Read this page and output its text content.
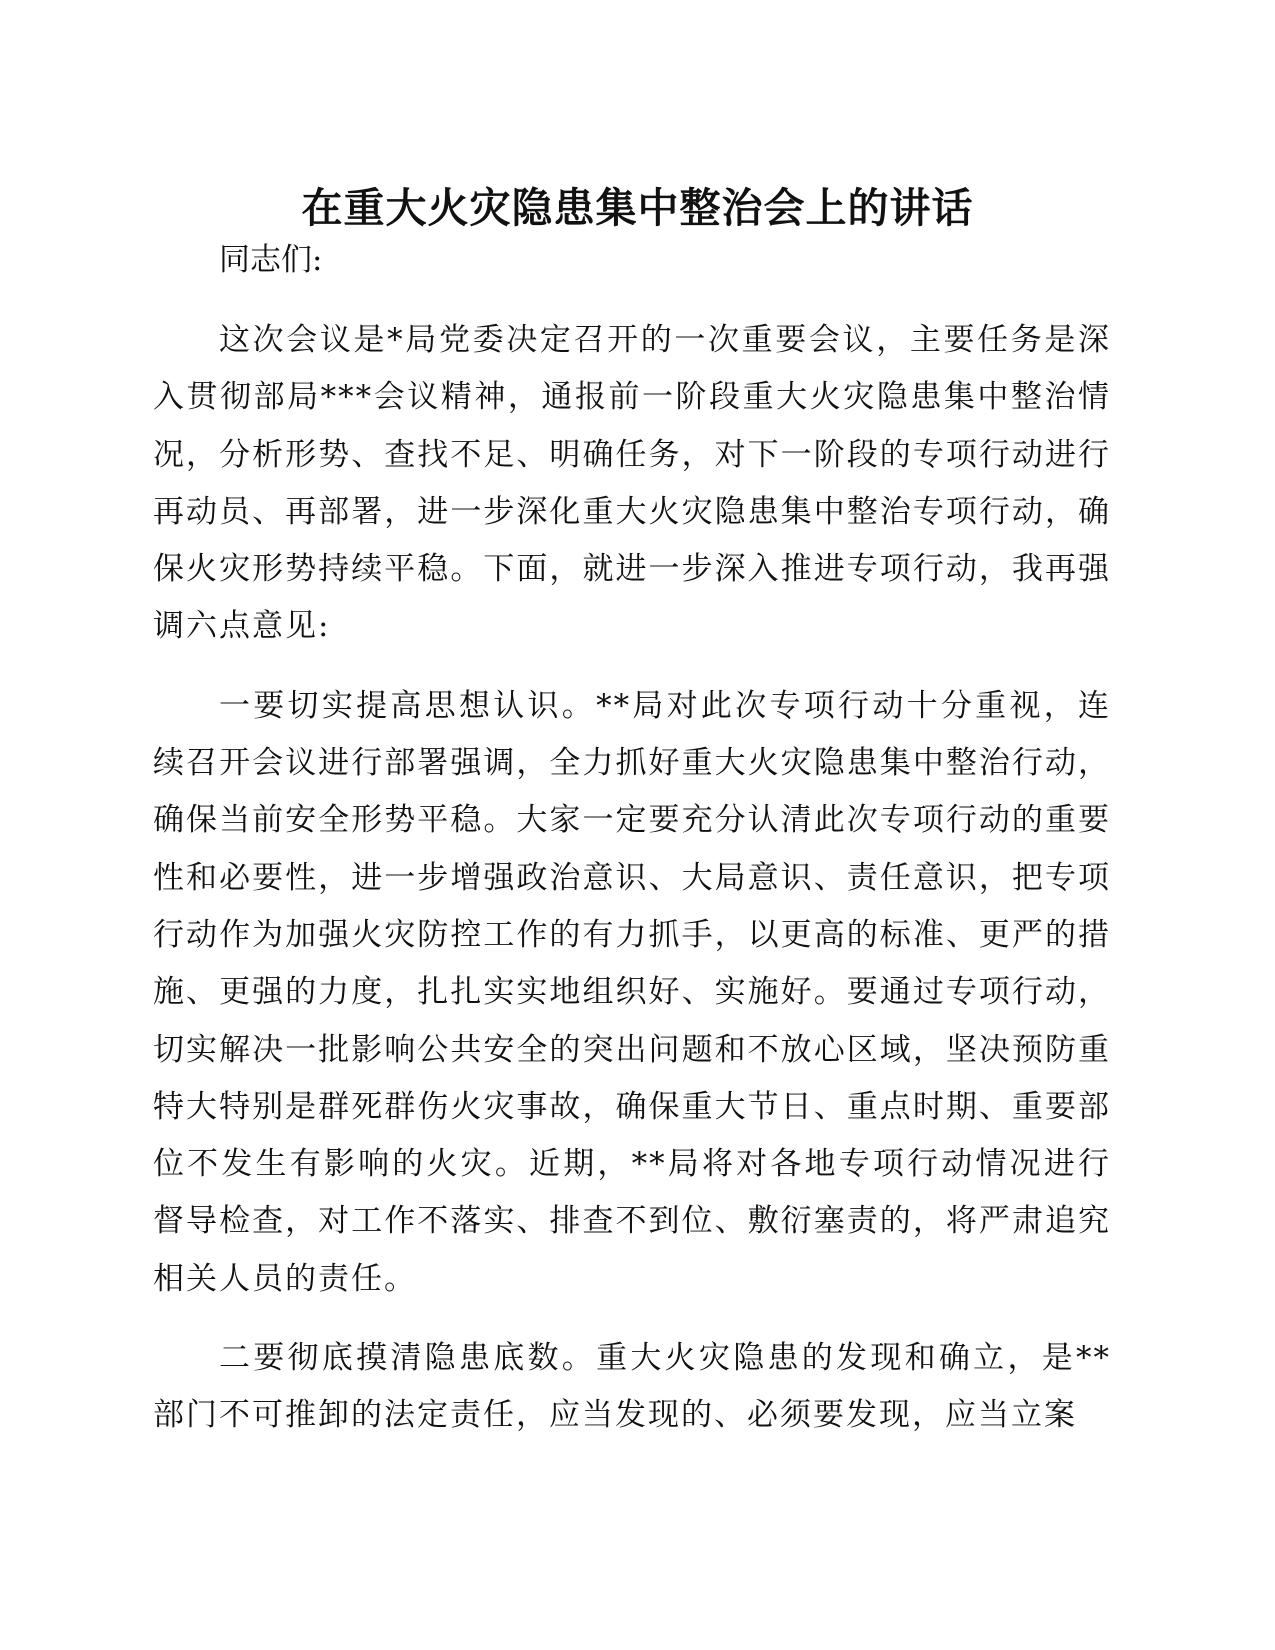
在重大火灾隐患集中整治会上的讲话

同志们:

这次会议是*局党委决定召开的一次重要会议，主要任务是深入贯彻部局***会议精神，通报前一阶段重大火灾隐患集中整治情况，分析形势、查找不足、明确任务，对下一阶段的专项行动进行再动员、再部署，进一步深化重大火灾隐患集中整治专项行动，确保火灾形势持续平稳。下面，就进一步深入推进专项行动，我再强调六点意见:

一要切实提高思想认识。**局对此次专项行动十分重视，连续召开会议进行部署强调，全力抓好重大火灾隐患集中整治行动，确保当前安全形势平稳。大家一定要充分认清此次专项行动的重要性和必要性，进一步增强政治意识、大局意识、责任意识，把专项行动作为加强火灾防控工作的有力抓手，以更高的标准、更严的措施、更强的力度，扎扎实实地组织好、实施好。要通过专项行动，切实解决一批影响公共安全的突出问题和不放心区域，坚决预防重特大特别是群死群伤火灾事故，确保重大节日、重点时期、重要部位不发生有影响的火灾。近期，**局将对各地专项行动情况进行督导检查，对工作不落实、排查不到位、敷衍塞责的，将严肃追究相关人员的责任。

二要彻底摸清隐患底数。重大火灾隐患的发现和确立，是**部门不可推卸的法定责任，应当发现的、必须要发现，应当立案
